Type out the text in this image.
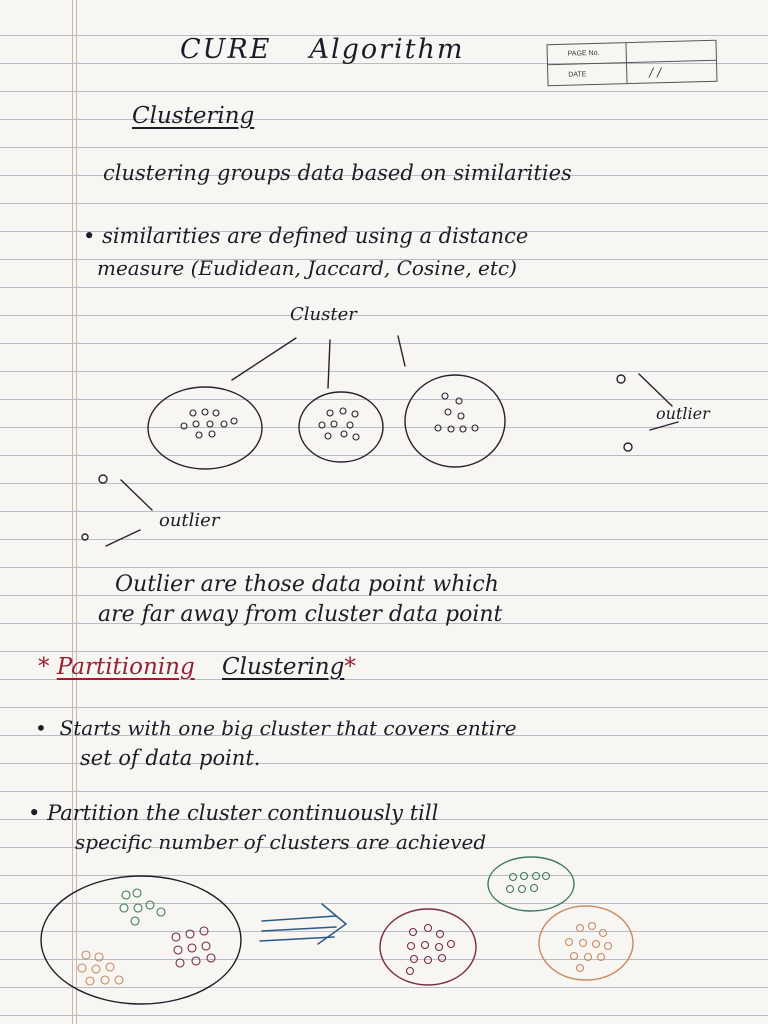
PAGE No.
DATE	/ /

CURE Algorithm

Clustering

clustering groups data based on similarities

• similarities are defined using a distance

measure (Eudidean, Jaccard, Cosine, etc)

Cluster

outlier

outlier

Outlier are those data point which

are far away from cluster data point

* Partitioning Clustering*

•  Starts with one big cluster that covers entire

set of data point.

• Partition the cluster continuously till

specific number of clusters are achieved
